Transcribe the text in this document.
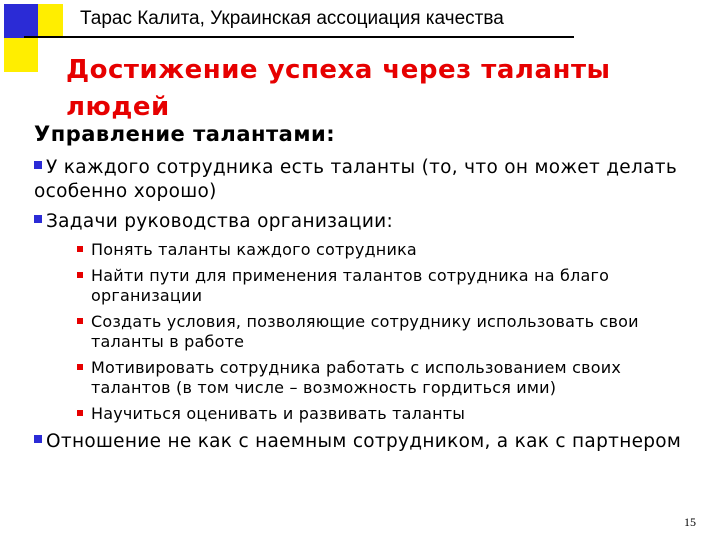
Тарас Калита, Украинская ассоциация качества
Достижение успеха через таланты людей
Управление талантами:
У каждого сотрудника есть таланты (то, что он может делать особенно хорошо)
Задачи руководства организации:
Понять таланты каждого сотрудника
Найти пути для применения талантов сотрудника на благо организации
Создать условия, позволяющие сотруднику использовать свои таланты в работе
Мотивировать сотрудника работать с использованием своих талантов (в том числе – возможность гордиться ими)
Научиться оценивать и развивать таланты
Отношение не как с наемным сотрудником, а как с партнером
15
